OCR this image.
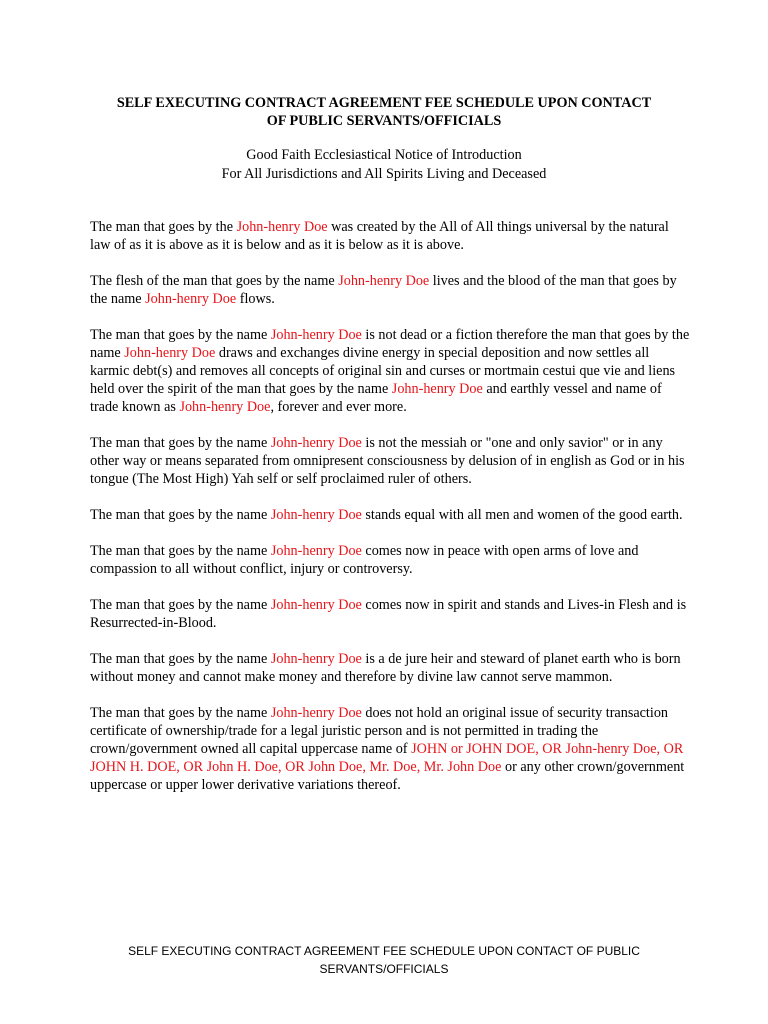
SELF EXECUTING CONTRACT AGREEMENT FEE SCHEDULE UPON CONTACT
OF PUBLIC SERVANTS/OFFICIALS
Good Faith Ecclesiastical Notice of Introduction
For All Jurisdictions and All Spirits Living and Deceased

The man that goes by the John-henry Doe was created by the All of All things universal by the natural law of as it is above as it is below and as it is below as it is above.

The flesh of the man that goes by the name John-henry Doe lives and the blood of the man that goes by the name John-henry Doe flows.

The man that goes by the name John-henry Doe is not dead or a fiction therefore the man that goes by the name John-henry Doe draws and exchanges divine energy in special deposition and now settles all karmic debt(s) and removes all concepts of original sin and curses or mortmain cestui que vie and liens held over the spirit of the man that goes by the name John-henry Doe and earthly vessel and name of trade known as John-henry Doe, forever and ever more.

The man that goes by the name John-henry Doe is not the messiah or "one and only savior" or in any other way or means separated from omnipresent consciousness by delusion of in english as God or in his tongue (The Most High) Yah self or self proclaimed ruler of others.

The man that goes by the name John-henry Doe stands equal with all men and women of the good earth.

The man that goes by the name John-henry Doe comes now in peace with open arms of love and compassion to all without conflict, injury or controversy.

The man that goes by the name John-henry Doe comes now in spirit and stands and Lives-in Flesh and is Resurrected-in-Blood.

The man that goes by the name John-henry Doe is a de jure heir and steward of planet earth who is born without money and cannot make money and therefore by divine law cannot serve mammon.

The man that goes by the name John-henry Doe does not hold an original issue of security transaction certificate of ownership/trade for a legal juristic person and is not permitted in trading the crown/government owned all capital uppercase name of JOHN or JOHN DOE, OR John-henry Doe, OR JOHN H. DOE, OR John H. Doe, OR John Doe, Mr. Doe, Mr. John Doe or any other crown/government uppercase or upper lower derivative variations thereof.

SELF EXECUTING CONTRACT AGREEMENT FEE SCHEDULE UPON CONTACT OF PUBLIC
SERVANTS/OFFICIALS
